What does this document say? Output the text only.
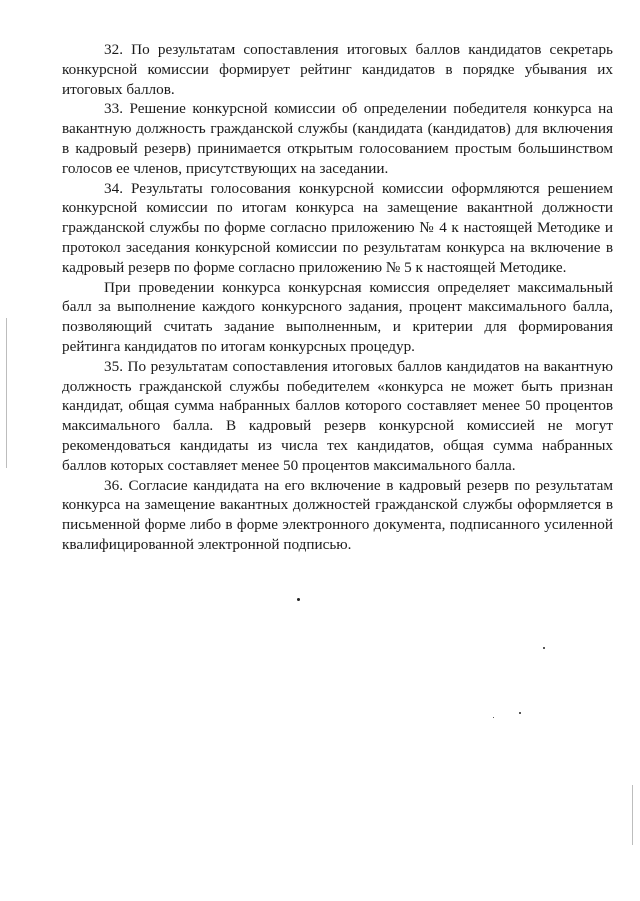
32. По результатам сопоставления итоговых баллов кандидатов секретарь конкурсной комиссии формирует рейтинг кандидатов в порядке убывания их итоговых баллов.

33. Решение конкурсной комиссии об определении победителя конкурса на вакантную должность гражданской службы (кандидата (кандидатов) для включения в кадровый резерв) принимается открытым голосованием простым большинством голосов ее членов, присутствующих на заседании.

34. Результаты голосования конкурсной комиссии оформляются решением конкурсной комиссии по итогам конкурса на замещение вакантной должности гражданской службы по форме согласно приложению № 4 к настоящей Методике и протокол заседания конкурсной комиссии по результатам конкурса на включение в кадровый резерв по форме согласно приложению № 5 к настоящей Методике.

При проведении конкурса конкурсная комиссия определяет максимальный балл за выполнение каждого конкурсного задания, процент максимального балла, позволяющий считать задание выполненным, и критерии для формирования рейтинга кандидатов по итогам конкурсных процедур.

35. По результатам сопоставления итоговых баллов кандидатов на вакантную должность гражданской службы победителем «конкурса не может быть признан кандидат, общая сумма набранных баллов которого составляет менее 50 процентов максимального балла. В кадровый резерв конкурсной комиссией не могут рекомендоваться кандидаты из числа тех кандидатов, общая сумма набранных баллов которых составляет менее 50 процентов максимального балла.

36. Согласие кандидата на его включение в кадровый резерв по результатам конкурса на замещение вакантных должностей гражданской службы оформляется в письменной форме либо в форме электронного документа, подписанного усиленной квалифицированной электронной подписью.
